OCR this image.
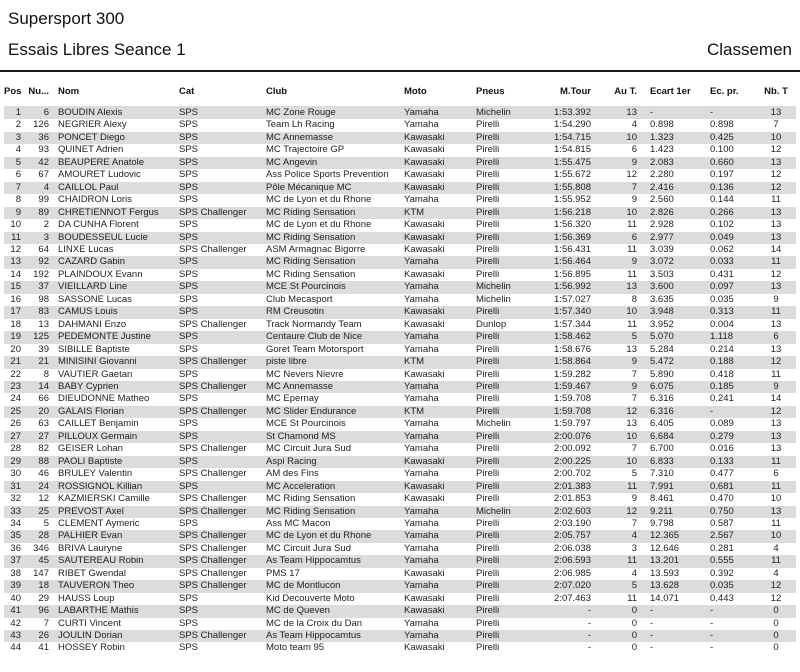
Supersport 300
Essais Libres Seance 1	Classemen
Pos	Nu...	Nom	Cat	Club	Moto	Pneus	M.Tour	Au T.	Ecart 1er	Ec. pr.	Nb. T
1	6	BOUDIN Alexis	SPS	MC Zone Rouge	Yamaha	Michelin	1:53.392	13	-	-	13
2	126	NEGRIER Alexy	SPS	Team Lh Racing	Yamaha	Pirelli	1:54.290	4	0.898	0.898	7
3	36	PONCET Diego	SPS	MC Annemasse	Kawasaki	Pirelli	1:54.715	10	1.323	0.425	10
4	93	QUINET Adrien	SPS	MC Trajectoire GP	Kawasaki	Pirelli	1:54.815	6	1.423	0.100	12
5	42	BEAUPERE Anatole	SPS	MC Angevin	Kawasaki	Pirelli	1:55.475	9	2.083	0.660	13
6	67	AMOURET Ludovic	SPS	Ass Police Sports Prevention	Kawasaki	Pirelli	1:55.672	12	2.280	0.197	12
7	4	CAILLOL Paul	SPS	Pôle Mécanique MC	Kawasaki	Pirelli	1:55.808	7	2.416	0.136	12
8	99	CHAIDRON Loris	SPS	MC de Lyon et du Rhone	Yamaha	Pirelli	1:55.952	9	2.560	0.144	11
9	89	CHRETIENNOT Fergus	SPS Challenger	MC Riding Sensation	KTM	Pirelli	1:56.218	10	2.826	0.266	13
10	2	DA CUNHA Florent	SPS	MC de Lyon et du Rhone	Kawasaki	Pirelli	1:56.320	11	2.928	0.102	13
11	3	BOUDESSEUL Lucie	SPS	MC Riding Sensation	Kawasaki	Pirelli	1:56.369	6	2.977	0.049	13
12	64	LINXE Lucas	SPS Challenger	ASM Armagnac Bigorre	Kawasaki	Pirelli	1:56.431	11	3.039	0.062	14
13	92	CAZARD Gabin	SPS	MC Riding Sensation	Yamaha	Pirelli	1:56.464	9	3.072	0.033	11
14	192	PLAINDOUX Evann	SPS	MC Riding Sensation	Kawasaki	Pirelli	1:56.895	11	3.503	0.431	12
15	37	VIEILLARD Line	SPS	MCE St Pourcinois	Yamaha	Michelin	1:56.992	13	3.600	0.097	13
16	98	SASSONE Lucas	SPS	Club Mecasport	Yamaha	Michelin	1:57.027	8	3.635	0.035	9
17	83	CAMUS Louis	SPS	RM Creusotin	Kawasaki	Pirelli	1:57.340	10	3.948	0.313	11
18	13	DAHMANI Enzo	SPS Challenger	Track Normandy Team	Kawasaki	Dunlop	1:57.344	11	3.952	0.004	13
19	125	PEDEMONTE Justine	SPS	Centaure Club de Nice	Yamaha	Pirelli	1:58.462	5	5.070	1.118	6
20	39	SIBILLE Baptiste	SPS	Goret Team Motorsport	Yamaha	Pirelli	1:58.676	13	5.284	0.214	13
21	21	MINISINI Giovanni	SPS Challenger	piste libre	KTM	Pirelli	1:58.864	9	5.472	0.188	12
22	8	VAUTIER Gaetan	SPS	MC Nevers Nievre	Kawasaki	Pirelli	1:59.282	7	5.890	0.418	11
23	14	BABY Cyprien	SPS Challenger	MC Annemasse	Yamaha	Pirelli	1:59.467	9	6.075	0.185	9
24	66	DIEUDONNE Matheo	SPS	MC Epernay	Yamaha	Pirelli	1:59.708	7	6.316	0.241	14
25	20	GALAIS Florian	SPS Challenger	MC Slider Endurance	KTM	Pirelli	1:59.708	12	6.316	-	12
26	63	CAILLET Benjamin	SPS	MCE St Pourcinois	Yamaha	Michelin	1:59.797	13	6.405	0.089	13
27	27	PILLOUX Germain	SPS	St Chamond MS	Yamaha	Pirelli	2:00.076	10	6.684	0.279	13
28	82	GEISER Lohan	SPS Challenger	MC Circuit Jura Sud	Yamaha	Pirelli	2:00.092	7	6.700	0.016	13
29	88	PAOLI Baptiste	SPS	Aspi Racing	Kawasaki	Pirelli	2:00.225	10	6.833	0.133	11
30	46	BRULEY Valentin	SPS Challenger	AM des Fins	Yamaha	Pirelli	2:00.702	5	7.310	0.477	6
31	24	ROSSIGNOL Killian	SPS	MC Acceleration	Kawasaki	Pirelli	2:01.383	11	7.991	0.681	11
32	12	KAZMIERSKI Camille	SPS Challenger	MC Riding Sensation	Kawasaki	Pirelli	2:01.853	9	8.461	0.470	10
33	25	PREVOST Axel	SPS Challenger	MC Riding Sensation	Yamaha	Michelin	2:02.603	12	9.211	0.750	13
34	5	CLEMENT Aymeric	SPS	Ass MC Macon	Yamaha	Pirelli	2:03.190	7	9.798	0.587	11
35	28	PALHIER Evan	SPS Challenger	MC de Lyon et du Rhone	Yamaha	Pirelli	2:05.757	4	12.365	2.567	10
36	346	BRIVA Lauryne	SPS Challenger	MC Circuit Jura Sud	Yamaha	Pirelli	2:06.038	3	12.646	0.281	4
37	45	SAUTEREAU Robin	SPS Challenger	As Team Hippocamtus	Yamaha	Pirelli	2:06.593	11	13.201	0.555	11
38	147	RIBET Gwendal	SPS Challenger	PMS 17	Kawasaki	Pirelli	2:06.985	4	13.593	0.392	4
39	18	TAUVERON Theo	SPS Challenger	MC de Montlucon	Yamaha	Pirelli	2:07.020	5	13.628	0.035	12
40	29	HAUSS Loup	SPS	Kid Decouverte Moto	Kawasaki	Pirelli	2:07.463	11	14.071	0.443	12
41	96	LABARTHE Mathis	SPS	MC de Queven	Kawasaki	Pirelli	-	0	-	-	0
42	7	CURTI Vincent	SPS	MC de la Croix du Dan	Yamaha	Pirelli	-	0	-	-	0
43	26	JOULIN Dorian	SPS Challenger	As Team Hippocamtus	Yamaha	Pirelli	-	0	-	-	0
44	41	HOSSEY Robin	SPS	Moto team 95	Kawasaki	Pirelli	-	0	-	-	0
